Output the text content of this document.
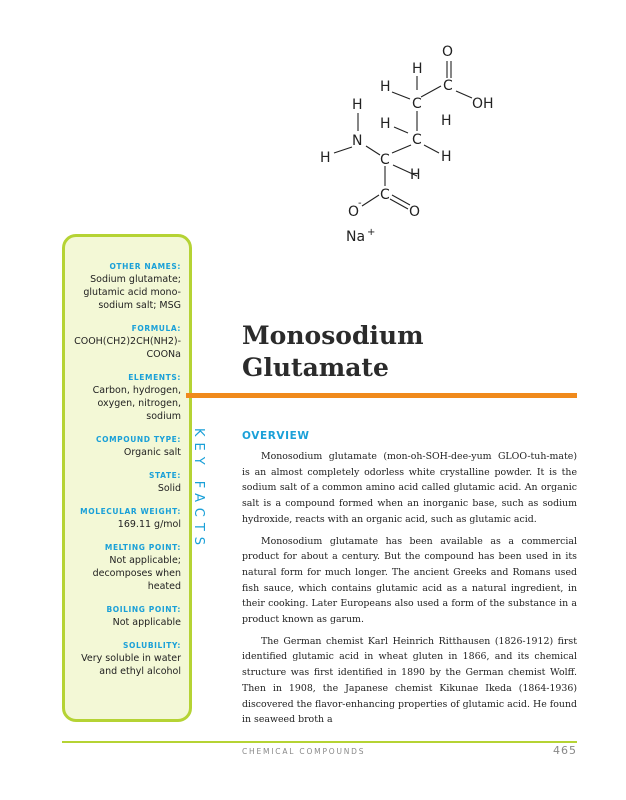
O
C
OH
H
H
C
H
H
C
H
N
H
C
H
H
C
O
O
-
Na +
OTHER NAMES:
Sodium glutamate; glutamic acid mono-sodium salt; MSG
FORMULA:
COOH(CH2)2CH(NH2)-COONa
ELEMENTS:
Carbon, hydrogen, oxygen, nitrogen, sodium
COMPOUND TYPE:
Organic salt
STATE:
Solid
MOLECULAR WEIGHT:
169.11 g/mol
MELTING POINT:
Not applicable; decomposes when heated
BOILING POINT:
Not applicable
SOLUBILITY:
Very soluble in water and ethyl alcohol
KEY FACTS
Monosodium
Glutamate
OVERVIEW

Monosodium glutamate (mon-oh-SOH-dee-yum GLOO-tuh-mate) is an almost completely odorless white crystalline powder. It is the sodium salt of a common amino acid called glutamic acid. An organic salt is a compound formed when an inorganic base, such as sodium hydroxide, reacts with an organic acid, such as glutamic acid.

Monosodium glutamate has been available as a commercial product for about a century. But the compound has been used in its natural form for much longer. The ancient Greeks and Romans used fish sauce, which contains glutamic acid as a natural ingredient, in their cooking. Later Europeans also used a form of the substance in a product known as garum.

The German chemist Karl Heinrich Ritthausen (1826-1912) first identified glutamic acid in wheat gluten in 1866, and its chemical structure was first identified in 1890 by the German chemist Wolff. Then in 1908, the Japanese chemist Kikunae Ikeda (1864-1936) discovered the flavor-enhancing properties of glutamic acid. He found in seaweed broth a

CHEMICAL COMPOUNDS	465
